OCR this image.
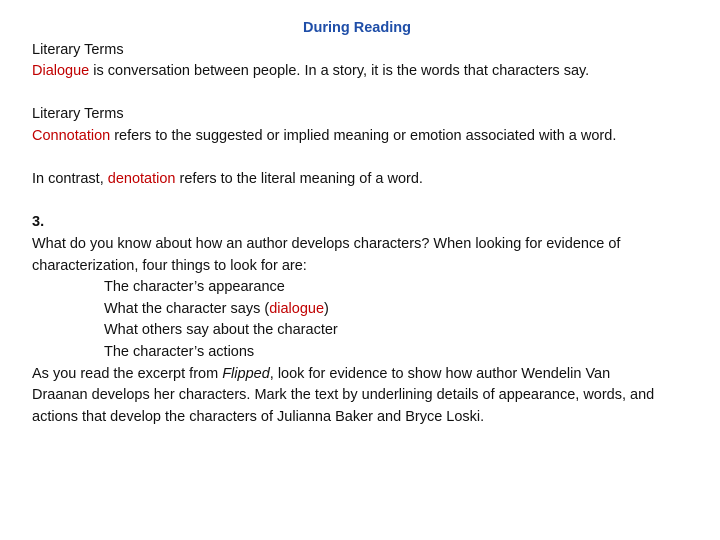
During Reading

Literary Terms
Dialogue is conversation between people. In a story, it is the words that characters say.

Literary Terms
Connotation refers to the suggested or implied meaning or emotion associated with a word.

In contrast, denotation refers to the literal meaning of a word.

3.
What do you know about how an author develops characters? When looking for evidence of characterization, four things to look for are:

The character’s appearance
What the character says (dialogue)
What others say about the character
The character’s actions

As you read the excerpt from Flipped, look for evidence to show how author Wendelin Van Draanan develops her characters. Mark the text by underlining details of appearance, words, and actions that develop the characters of Julianna Baker and Bryce Loski.
